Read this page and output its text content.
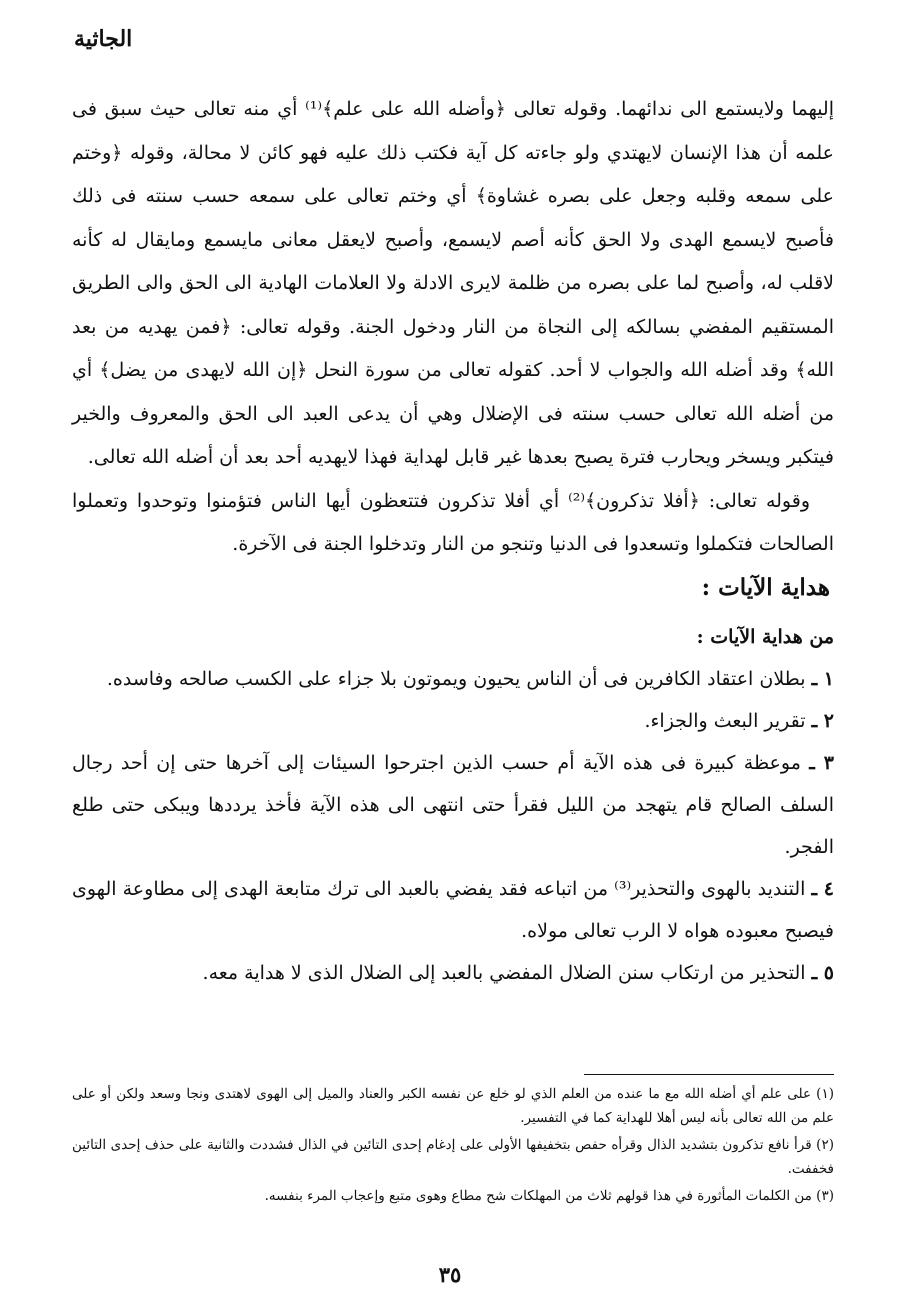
الجاثية

إليهما ولايستمع الى ندائهما. وقوله تعالى ﴿وأضله الله على علم﴾⁽¹⁾ أي منه تعالى حيث سبق فى علمه أن هذا الإنسان لايهتدي ولو جاءته كل آية فكتب ذلك عليه فهو كائن لا محالة، وقوله ﴿وختم على سمعه وقلبه وجعل على بصره غشاوة﴾ أي وختم تعالى على سمعه حسب سنته فى ذلك فأصبح لايسمع الهدى ولا الحق كأنه أصم لايسمع، وأصبح لايعقل معانى مايسمع ومايقال له كأنه لاقلب له، وأصبح لما على بصره من ظلمة لايرى الادلة ولا العلامات الهادية الى الحق والى الطريق المستقيم المفضي بسالكه إلى النجاة من النار ودخول الجنة. وقوله تعالى: ﴿فمن يهديه من بعد الله﴾ وقد أضله الله والجواب لا أحد. كقوله تعالى من سورة النحل ﴿إن الله لايهدى من يضل﴾ أي من أضله الله تعالى حسب سنته فى الإضلال وهي أن يدعى العبد الى الحق والمعروف والخير فيتكبر ويسخر ويحارب فترة يصبح بعدها غير قابل لهداية فهذا لايهديه أحد بعد أن أضله الله تعالى.

وقوله تعالى: ﴿أفلا تذكرون﴾⁽²⁾ أي أفلا تذكرون فتتعظون أيها الناس فتؤمنوا وتوحدوا وتعملوا الصالحات فتكملوا وتسعدوا فى الدنيا وتنجو من النار وتدخلوا الجنة فى الآخرة.

هداية الآيات :

من هداية الآيات :

١ ـ بطلان اعتقاد الكافرين فى أن الناس يحيون ويموتون بلا جزاء على الكسب صالحه وفاسده.
٢ ـ تقرير البعث والجزاء.
٣ ـ موعظة كبيرة فى هذه الآية أم حسب الذين اجترحوا السيئات إلى آخرها حتى إن أحد رجال السلف الصالح قام يتهجد من الليل فقرأ حتى انتهى الى هذه الآية فأخذ يرددها ويبكى حتى طلع الفجر.
٤ ـ التنديد بالهوى والتحذير⁽³⁾ من اتباعه فقد يفضي بالعبد الى ترك متابعة الهدى إلى مطاوعة الهوى فيصبح معبوده هواه لا الرب تعالى مولاه.
٥ ـ التحذير من ارتكاب سنن الضلال المفضي بالعبد إلى الضلال الذى لا هداية معه.

(١) على علم أي أضله الله مع ما عنده من العلم الذي لو خلع عن نفسه الكبر والعناد والميل إلى الهوى لاهتدى ونجا وسعد ولكن أو على علم من الله تعالى بأنه ليس أهلا للهداية كما في التفسير.

(٢) قرأ نافع تذكرون بتشديد الذال وقرأه حفص بتخفيفها الأولى على إدغام إحدى التائين في الذال فشددت والثانية على حذف إحدى التائين فخففت.

(٣) من الكلمات المأثورة في هذا قولهم ثلاث من المهلكات شح مطاع وهوى متبع وإعجاب المرء بنفسه.

٣٥
